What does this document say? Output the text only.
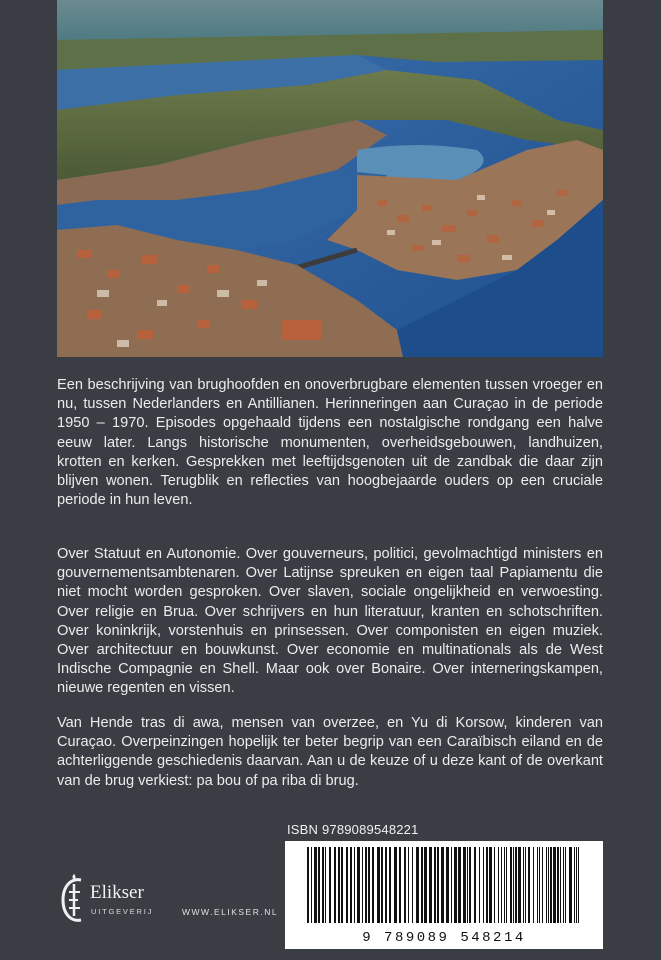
Een beschrijving van brughoofden en onoverbrugbare elementen tussen vroeger en nu, tussen Nederlanders en Antillianen. Herinneringen aan Curaçao in de periode 1950 – 1970. Episodes opgehaald tijdens een nostalgische rondgang een halve eeuw later. Langs historische monumenten, overheidsgebouwen, landhuizen, krotten en kerken. Gesprekken met leeftijdsgenoten uit de zandbak die daar zijn blijven wonen. Terugblik en reflecties van hoogbejaarde ouders op een cruciale periode in hun leven.

Over Statuut en Autonomie. Over gouverneurs, politici, gevolmachtigd ministers en gouvernementsambtenaren. Over Latijnse spreuken en eigen taal Papiamentu die niet mocht worden gesproken. Over slaven, sociale ongelijkheid en verwoesting. Over religie en Brua. Over schrijvers en hun literatuur, kranten en schotschriften. Over koninkrijk, vorstenhuis en prinsessen. Over componisten en eigen muziek. Over architectuur en bouwkunst. Over economie en multinationals als de West Indische Compagnie en Shell. Maar ook over Bonaire. Over interneringskampen, nieuwe regenten en vissen.

Van Hende tras di awa, mensen van overzee, en Yu di Korsow, kinderen van Curaçao. Overpeinzingen hopelijk ter beter begrip van een Caraïbisch eiland en de achterliggende geschiedenis daarvan. Aan u de keuze of u deze kant of de overkant van de brug verkiest: pa bou of pa riba di brug.

Elikser
UITGEVERIJ	WWW.ELIKSER.NL
ISBN 9789089548221
9 789089 548214
